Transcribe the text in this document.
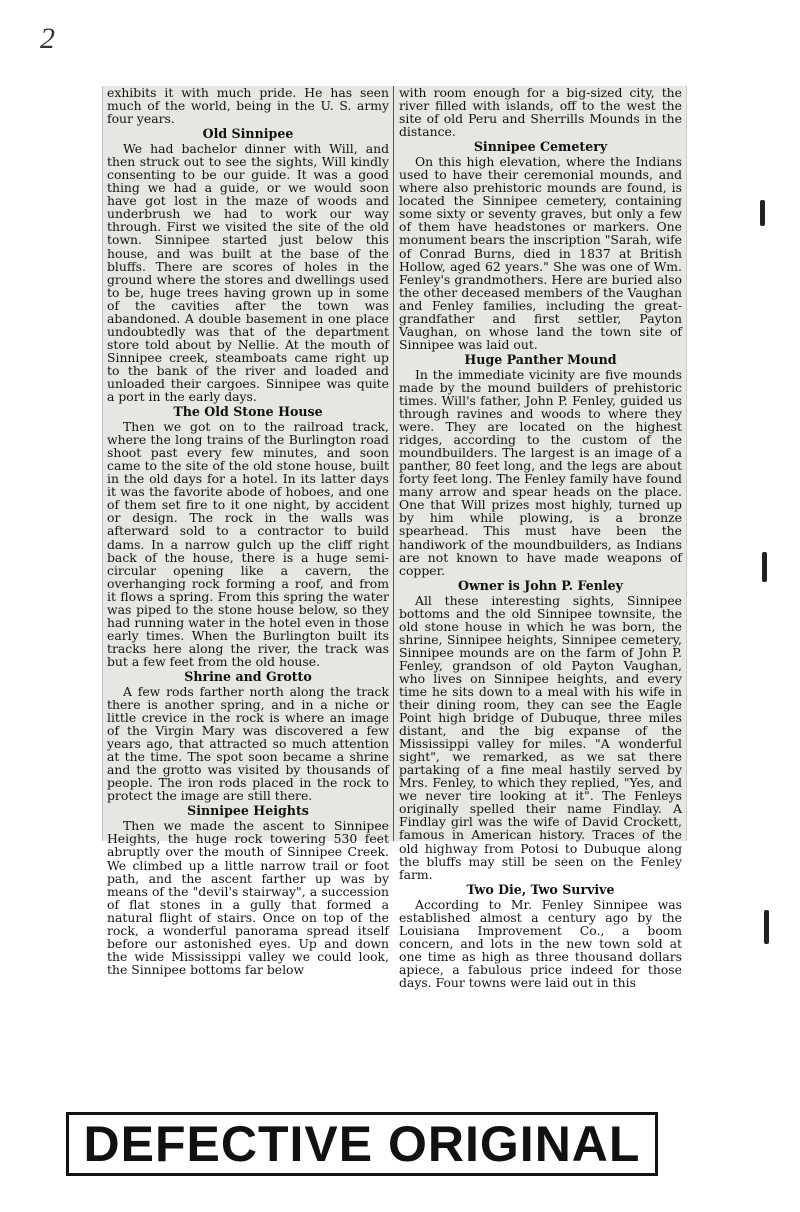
2

exhibits it with much pride. He has seen much of the world, being in the U. S. army four years.

Old Sinnipee

We had bachelor dinner with Will, and then struck out to see the sights, Will kindly consenting to be our guide. It was a good thing we had a guide, or we would soon have got lost in the maze of woods and underbrush we had to work our way through. First we visited the site of the old town. Sinnipee started just below this house, and was built at the base of the bluffs. There are scores of holes in the ground where the stores and dwellings used to be, huge trees having grown up in some of the cavities after the town was abandoned. A double basement in one place undoubtedly was that of the department store told about by Nellie. At the mouth of Sinnipee creek, steamboats came right up to the bank of the river and loaded and unloaded their cargoes. Sinnipee was quite a port in the early days.

The Old Stone House

Then we got on to the railroad track, where the long trains of the Burlington road shoot past every few minutes, and soon came to the site of the old stone house, built in the old days for a hotel. In its latter days it was the favorite abode of hoboes, and one of them set fire to it one night, by accident or design. The rock in the walls was afterward sold to a contractor to build dams. In a narrow gulch up the cliff right back of the house, there is a huge semi-circular opening like a cavern, the overhanging rock forming a roof, and from it flows a spring. From this spring the water was piped to the stone house below, so they had running water in the hotel even in those early times. When the Burlington built its tracks here along the river, the track was but a few feet from the old house.

Shrine and Grotto

A few rods farther north along the track there is another spring, and in a niche or little crevice in the rock is where an image of the Virgin Mary was discovered a few years ago, that attracted so much attention at the time. The spot soon became a shrine and the grotto was visited by thousands of people. The iron rods placed in the rock to protect the image are still there.

Sinnipee Heights

Then we made the ascent to Sinnipee Heights, the huge rock towering 530 feet abruptly over the mouth of Sinnipee Creek. We climbed up a little narrow trail or foot path, and the ascent farther up was by means of the "devil's stairway", a succession of flat stones in a gully that formed a natural flight of stairs. Once on top of the rock, a wonderful panorama spread itself before our astonished eyes. Up and down the wide Mississippi valley we could look, the Sinnipee bottoms far below

with room enough for a big-sized city, the river filled with islands, off to the west the site of old Peru and Sherrills Mounds in the distance.

Sinnipee Cemetery

On this high elevation, where the Indians used to have their ceremonial mounds, and where also prehistoric mounds are found, is located the Sinnipee cemetery, containing some sixty or seventy graves, but only a few of them have headstones or markers. One monument bears the inscription "Sarah, wife of Conrad Burns, died in 1837 at British Hollow, aged 62 years." She was one of Wm. Fenley's grandmothers. Here are buried also the other deceased members of the Vaughan and Fenley families, including the great-grandfather and first settler, Payton Vaughan, on whose land the town site of Sinnipee was laid out.

Huge Panther Mound

In the immediate vicinity are five mounds made by the mound builders of prehistoric times. Will's father, John P. Fenley, guided us through ravines and woods to where they were. They are located on the highest ridges, according to the custom of the moundbuilders. The largest is an image of a panther, 80 feet long, and the legs are about forty feet long. The Fenley family have found many arrow and spear heads on the place. One that Will prizes most highly, turned up by him while plowing, is a bronze spearhead. This must have been the handiwork of the moundbuilders, as Indians are not known to have made weapons of copper.

Owner is John P. Fenley

All these interesting sights, Sinnipee bottoms and the old Sinnipee townsite, the old stone house in which he was born, the shrine, Sinnipee heights, Sinnipee cemetery, Sinnipee mounds are on the farm of John P. Fenley, grandson of old Payton Vaughan, who lives on Sinnipee heights, and every time he sits down to a meal with his wife in their dining room, they can see the Eagle Point high bridge of Dubuque, three miles distant, and the big expanse of the Mississippi valley for miles. "A wonderful sight", we remarked, as we sat there partaking of a fine meal hastily served by Mrs. Fenley, to which they replied, "Yes, and we never tire looking at it". The Fenleys originally spelled their name Findlay. A Findlay girl was the wife of David Crockett, famous in American history. Traces of the old highway from Potosi to Dubuque along the bluffs may still be seen on the Fenley farm.

Two Die, Two Survive

According to Mr. Fenley Sinnipee was established almost a century ago by the Louisiana Improvement Co., a boom concern, and lots in the new town sold at one time as high as three thousand dollars apiece, a fabulous price indeed for those days. Four towns were laid out in this

DEFECTIVE ORIGINAL
